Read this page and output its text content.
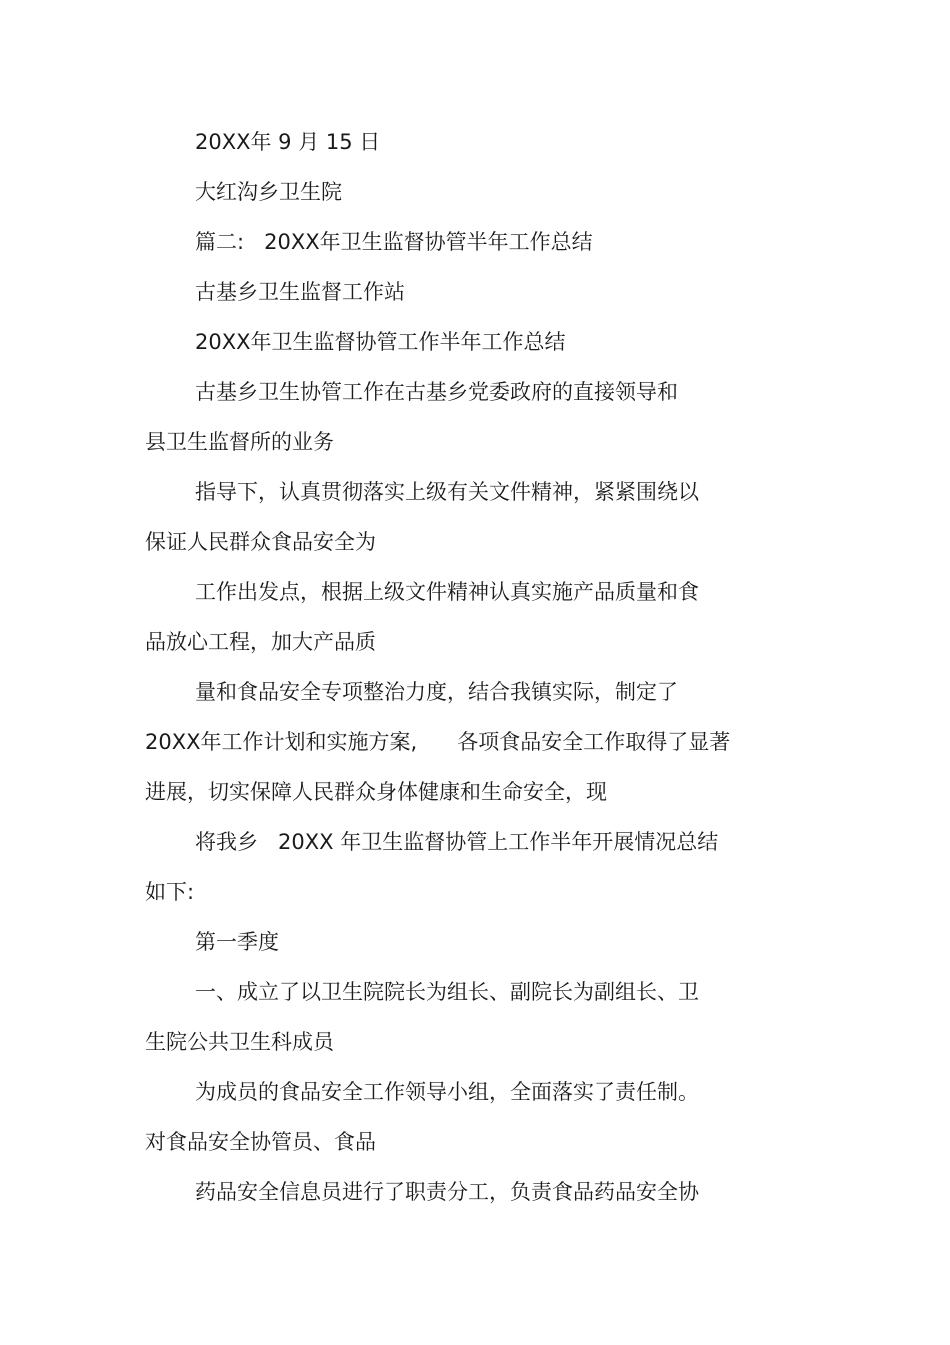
20XX年 9 月 15 日
大红沟乡卫生院
篇二:   20XX年卫生监督协管半年工作总结
古基乡卫生监督工作站
20XX年卫生监督协管工作半年工作总结
古基乡卫生协管工作在古基乡党委政府的直接领导和
县卫生监督所的业务
指导下，认真贯彻落实上级有关文件精神，紧紧围绕以
保证人民群众食品安全为
工作出发点，根据上级文件精神认真实施产品质量和食
品放心工程，加大产品质
量和食品安全专项整治力度，结合我镇实际，制定了
20XX年工作计划和实施方案,      各项食品安全工作取得了显著
进展，切实保障人民群众身体健康和生命安全，现
将我乡   20XX 年卫生监督协管上工作半年开展情况总结
如下:
第一季度
一、成立了以卫生院院长为组长、副院长为副组长、卫
生院公共卫生科成员
为成员的食品安全工作领导小组，全面落实了责任制。
对食品安全协管员、食品
药品安全信息员进行了职责分工，负责食品药品安全协
